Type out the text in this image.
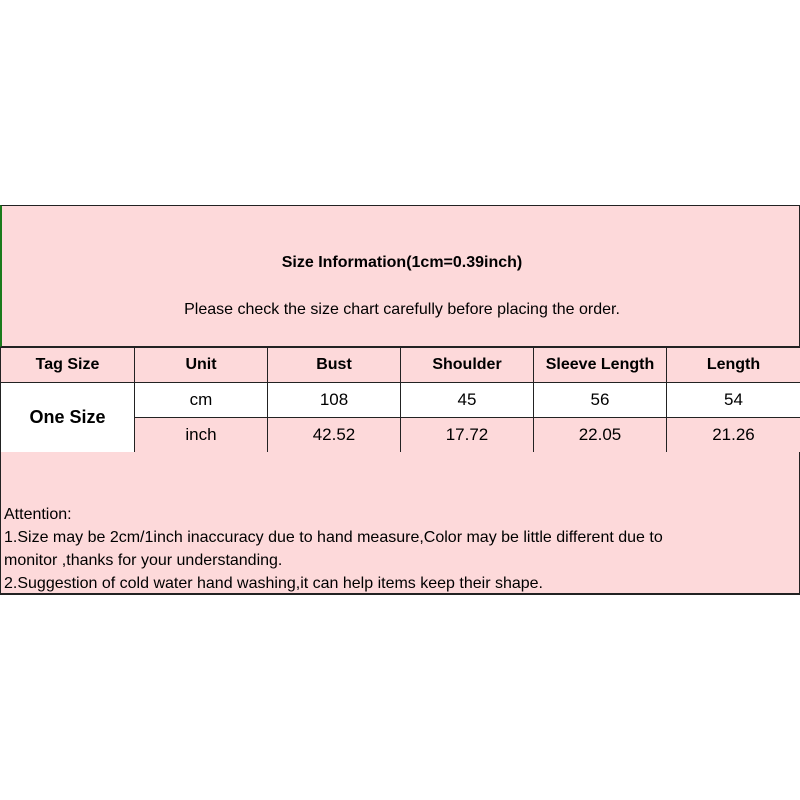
Size Information(1cm=0.39inch)
Please check the size chart carefully before placing the order.
Tag Size	Unit	Bust	Shoulder	Sleeve Length	Length
One Size	cm	108	45	56	54
	inch	42.52	17.72	22.05	21.26
Attention:
1.Size may be 2cm/1inch inaccuracy due to hand measure,Color may be little different due to
monitor ,thanks for your understanding.
2.Suggestion of cold water hand washing,it can help items keep their shape.
